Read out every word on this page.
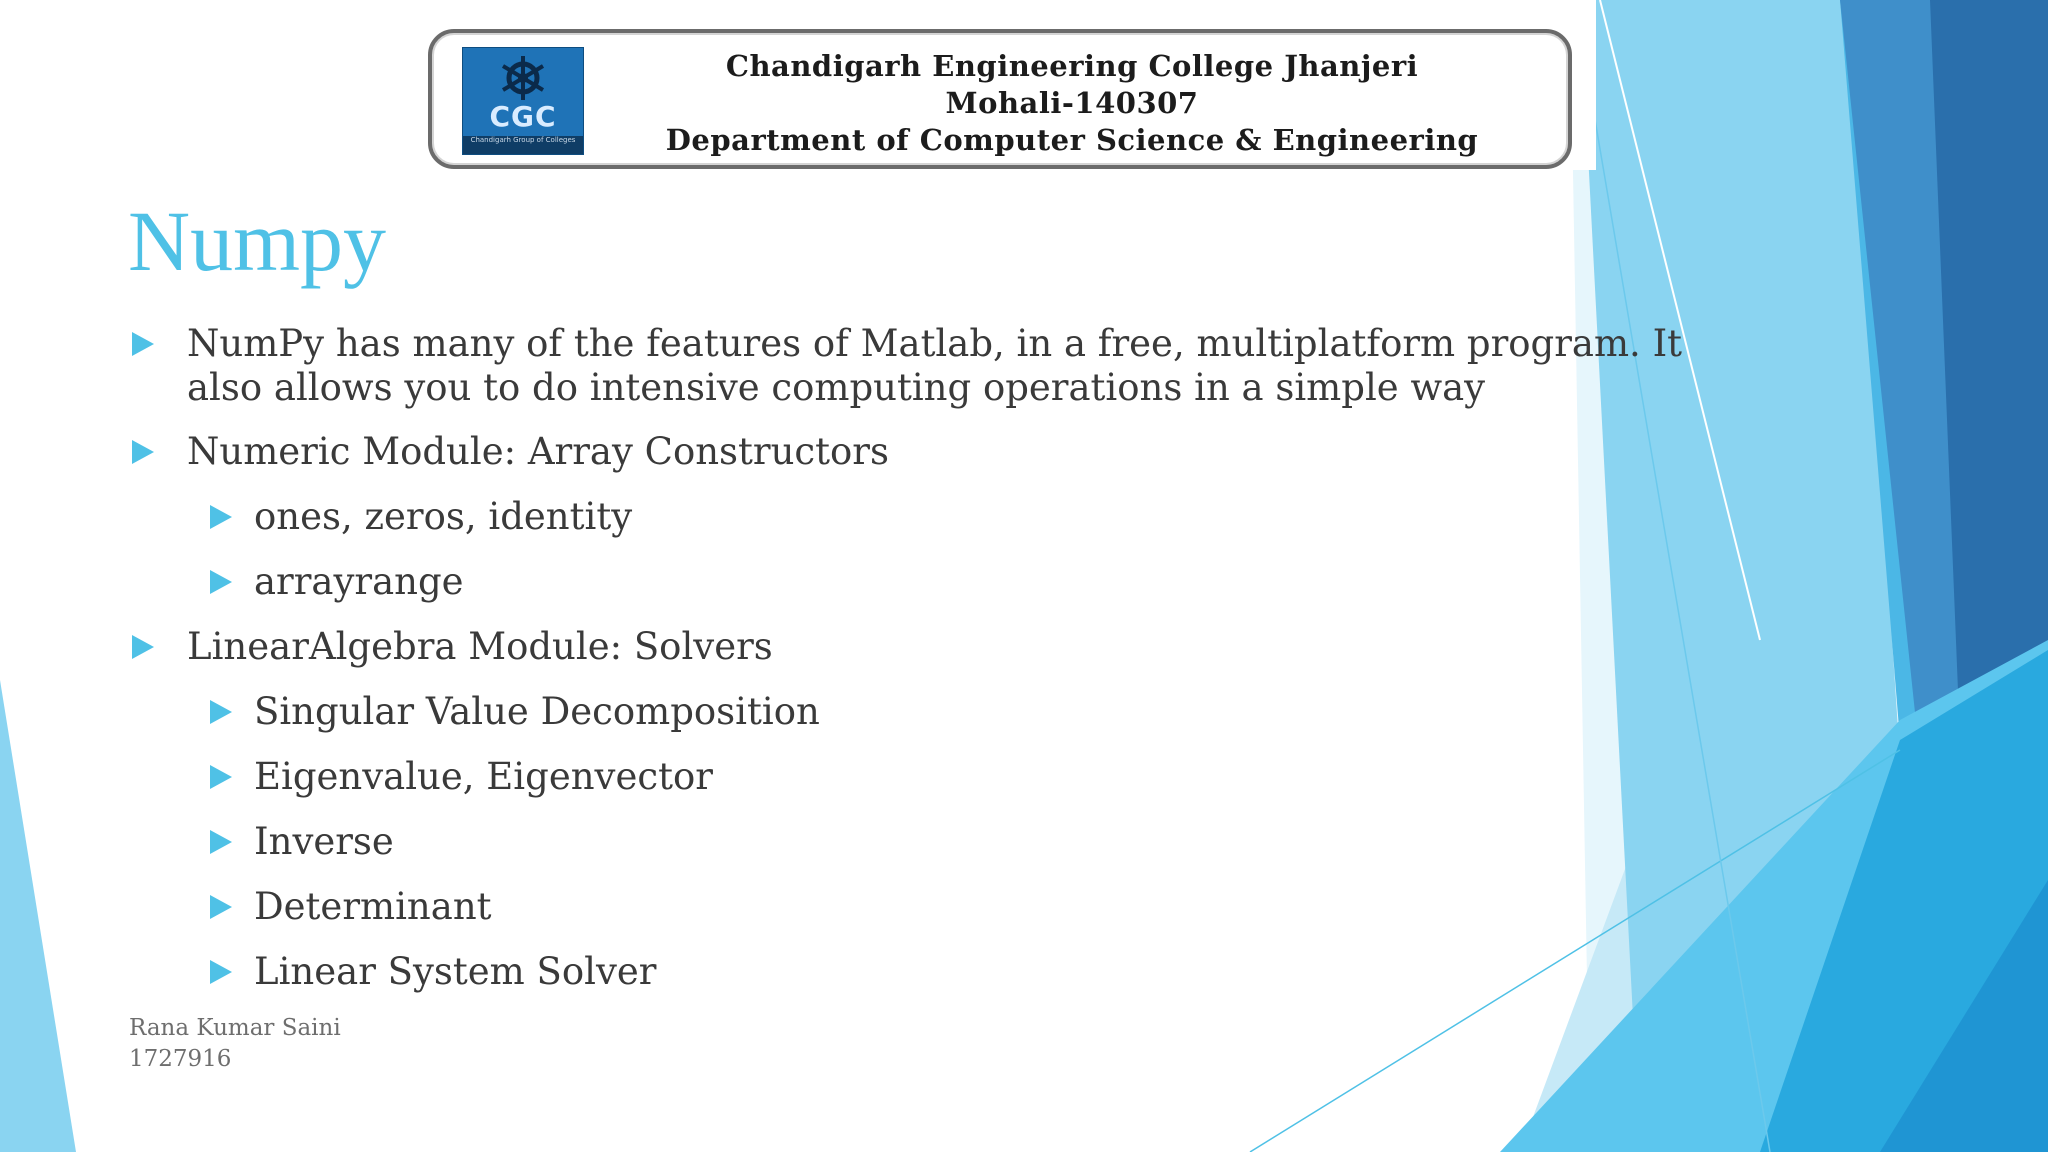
CGC
Chandigarh Group of Colleges
Chandigarh Engineering College Jhanjeri
Mohali-140307
Department of Computer Science & Engineering
Numpy
NumPy has many of the features of Matlab, in a free, multiplatform program. It also allows you to do intensive computing operations in a simple way
Numeric Module: Array Constructors
ones, zeros, identity
arrayrange
LinearAlgebra Module: Solvers
Singular Value Decomposition
Eigenvalue, Eigenvector
Inverse
Determinant
Linear System Solver
Rana Kumar Saini
1727916
